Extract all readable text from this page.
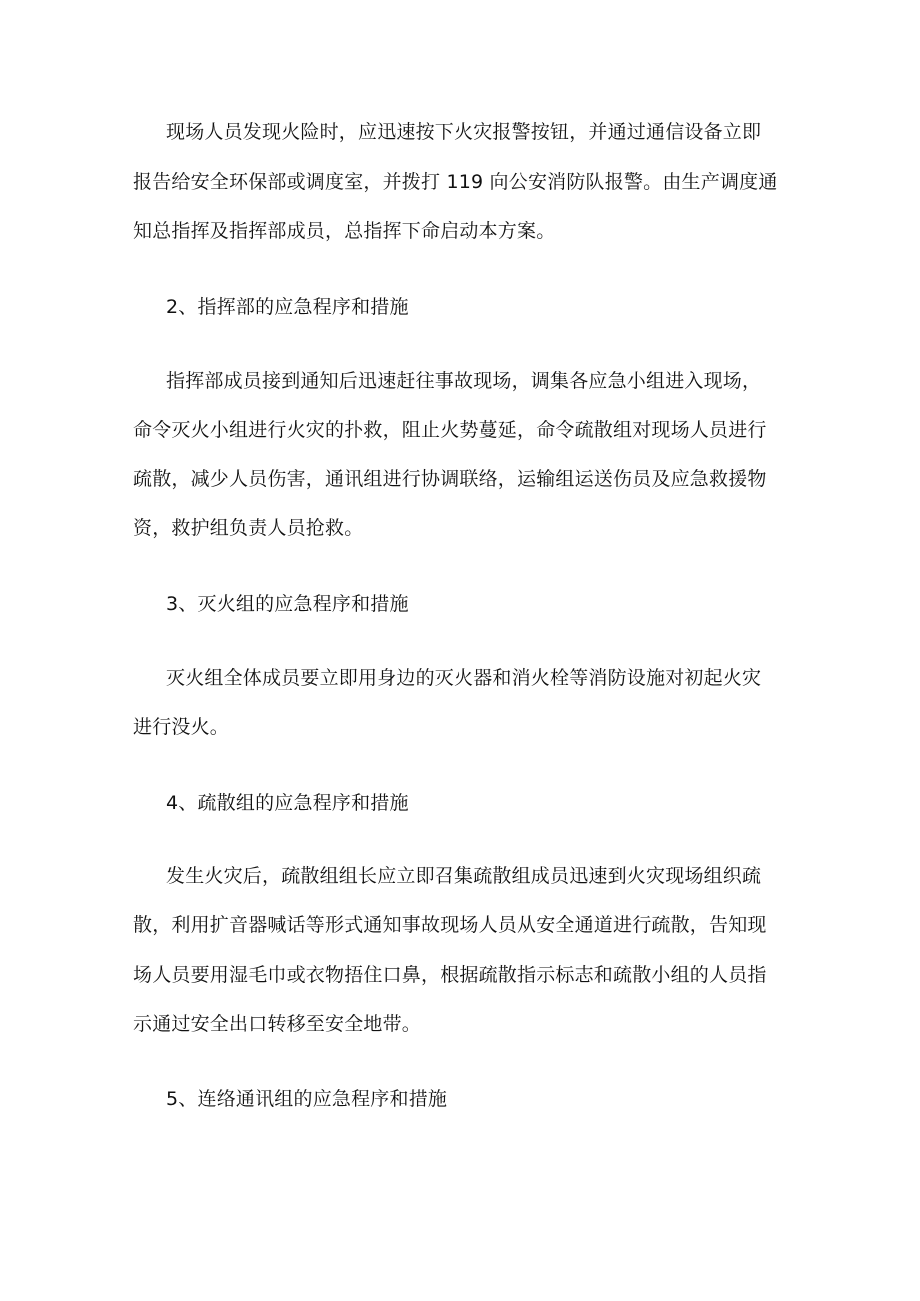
现场人员发现火险时，应迅速按下火灾报警按钮，并通过通信设备立即
报告给安全环保部或调度室，并拨打 119 向公安消防队报警。由生产调度通
知总指挥及指挥部成员，总指挥下命启动本方案。
2、指挥部的应急程序和措施
指挥部成员接到通知后迅速赶往事故现场，调集各应急小组进入现场，
命令灭火小组进行火灾的扑救，阻止火势蔓延，命令疏散组对现场人员进行
疏散，减少人员伤害，通讯组进行协调联络，运输组运送伤员及应急救援物
资，救护组负责人员抢救。
3、灭火组的应急程序和措施
灭火组全体成员要立即用身边的灭火器和消火栓等消防设施对初起火灾
进行没火。
4、疏散组的应急程序和措施
发生火灾后，疏散组组长应立即召集疏散组成员迅速到火灾现场组织疏
散，利用扩音器喊话等形式通知事故现场人员从安全通道进行疏散，告知现
场人员要用湿毛巾或衣物捂住口鼻，根据疏散指示标志和疏散小组的人员指
示通过安全出口转移至安全地带。
5、连络通讯组的应急程序和措施
